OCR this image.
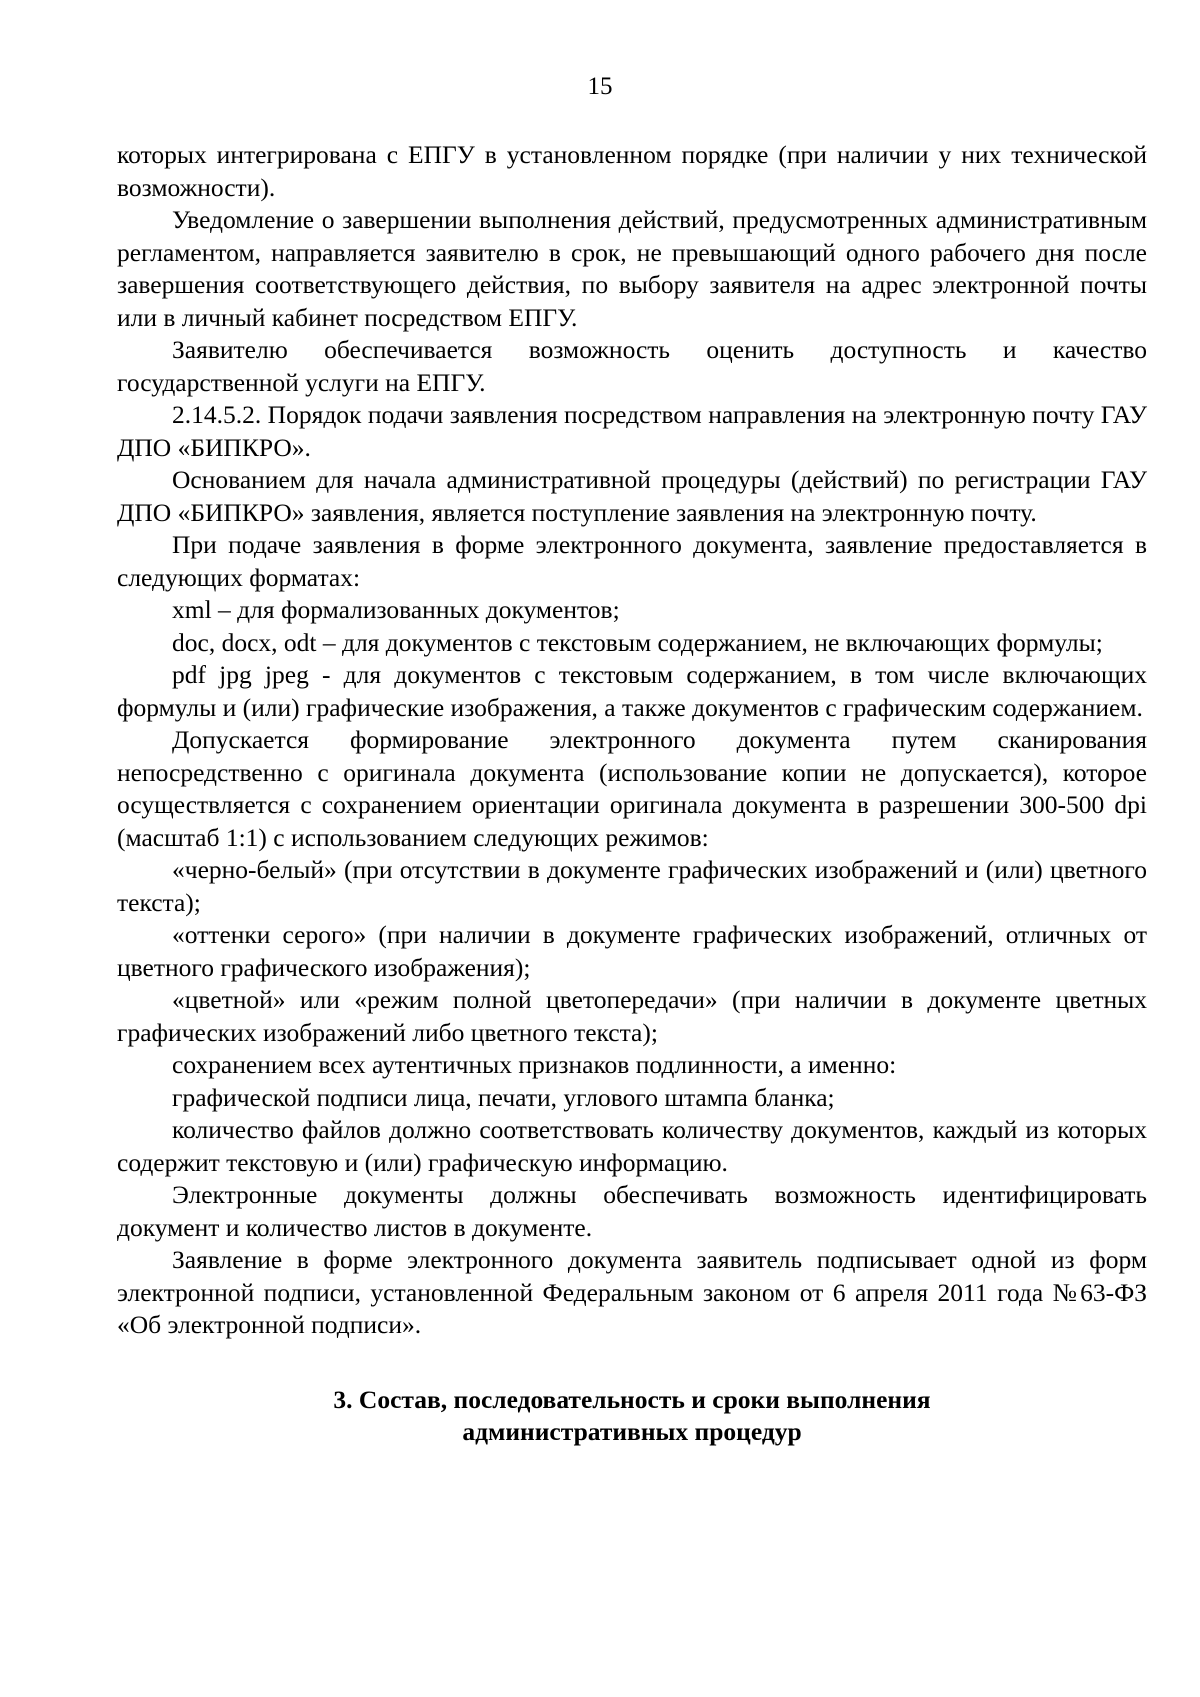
15

которых интегрирована с ЕПГУ в установленном порядке (при наличии у них технической возможности).

Уведомление о завершении выполнения действий, предусмотренных административным регламентом, направляется заявителю в срок, не превышающий одного рабочего дня после завершения соответствующего действия, по выбору заявителя на адрес электронной почты или в личный кабинет посредством ЕПГУ.

Заявителю обеспечивается возможность оценить доступность и качество государственной услуги на ЕПГУ.

2.14.5.2. Порядок подачи заявления посредством направления на электронную почту ГАУ ДПО «БИПКРО».

Основанием для начала административной процедуры (действий) по регистрации ГАУ ДПО «БИПКРО» заявления, является поступление заявления на электронную почту.

При подаче заявления в форме электронного документа, заявление предоставляется в следующих форматах:

xml – для формализованных документов;

doc, docx, odt – для документов с текстовым содержанием, не включающих формулы;

pdf jpg jpeg - для документов с текстовым содержанием, в том числе включающих формулы и (или) графические изображения, а также документов с графическим содержанием.

Допускается формирование электронного документа путем сканирования непосредственно с оригинала документа (использование копии не допускается), которое осуществляется с сохранением ориентации оригинала документа в разрешении 300-500 dpi (масштаб 1:1) с использованием следующих режимов:

«черно-белый» (при отсутствии в документе графических изображений и (или) цветного текста);

«оттенки серого» (при наличии в документе графических изображений, отличных от цветного графического изображения);

«цветной» или «режим полной цветопередачи» (при наличии в документе цветных графических изображений либо цветного текста);

сохранением всех аутентичных признаков подлинности, а именно:

графической подписи лица, печати, углового штампа бланка;

количество файлов должно соответствовать количеству документов, каждый из которых содержит текстовую и (или) графическую информацию.

Электронные документы должны обеспечивать возможность идентифицировать документ и количество листов в документе.

Заявление в форме электронного документа заявитель подписывает одной из форм электронной подписи, установленной Федеральным законом от 6 апреля 2011 года №63-ФЗ «Об электронной подписи».

3. Состав, последовательность и сроки выполнения
административных процедур
